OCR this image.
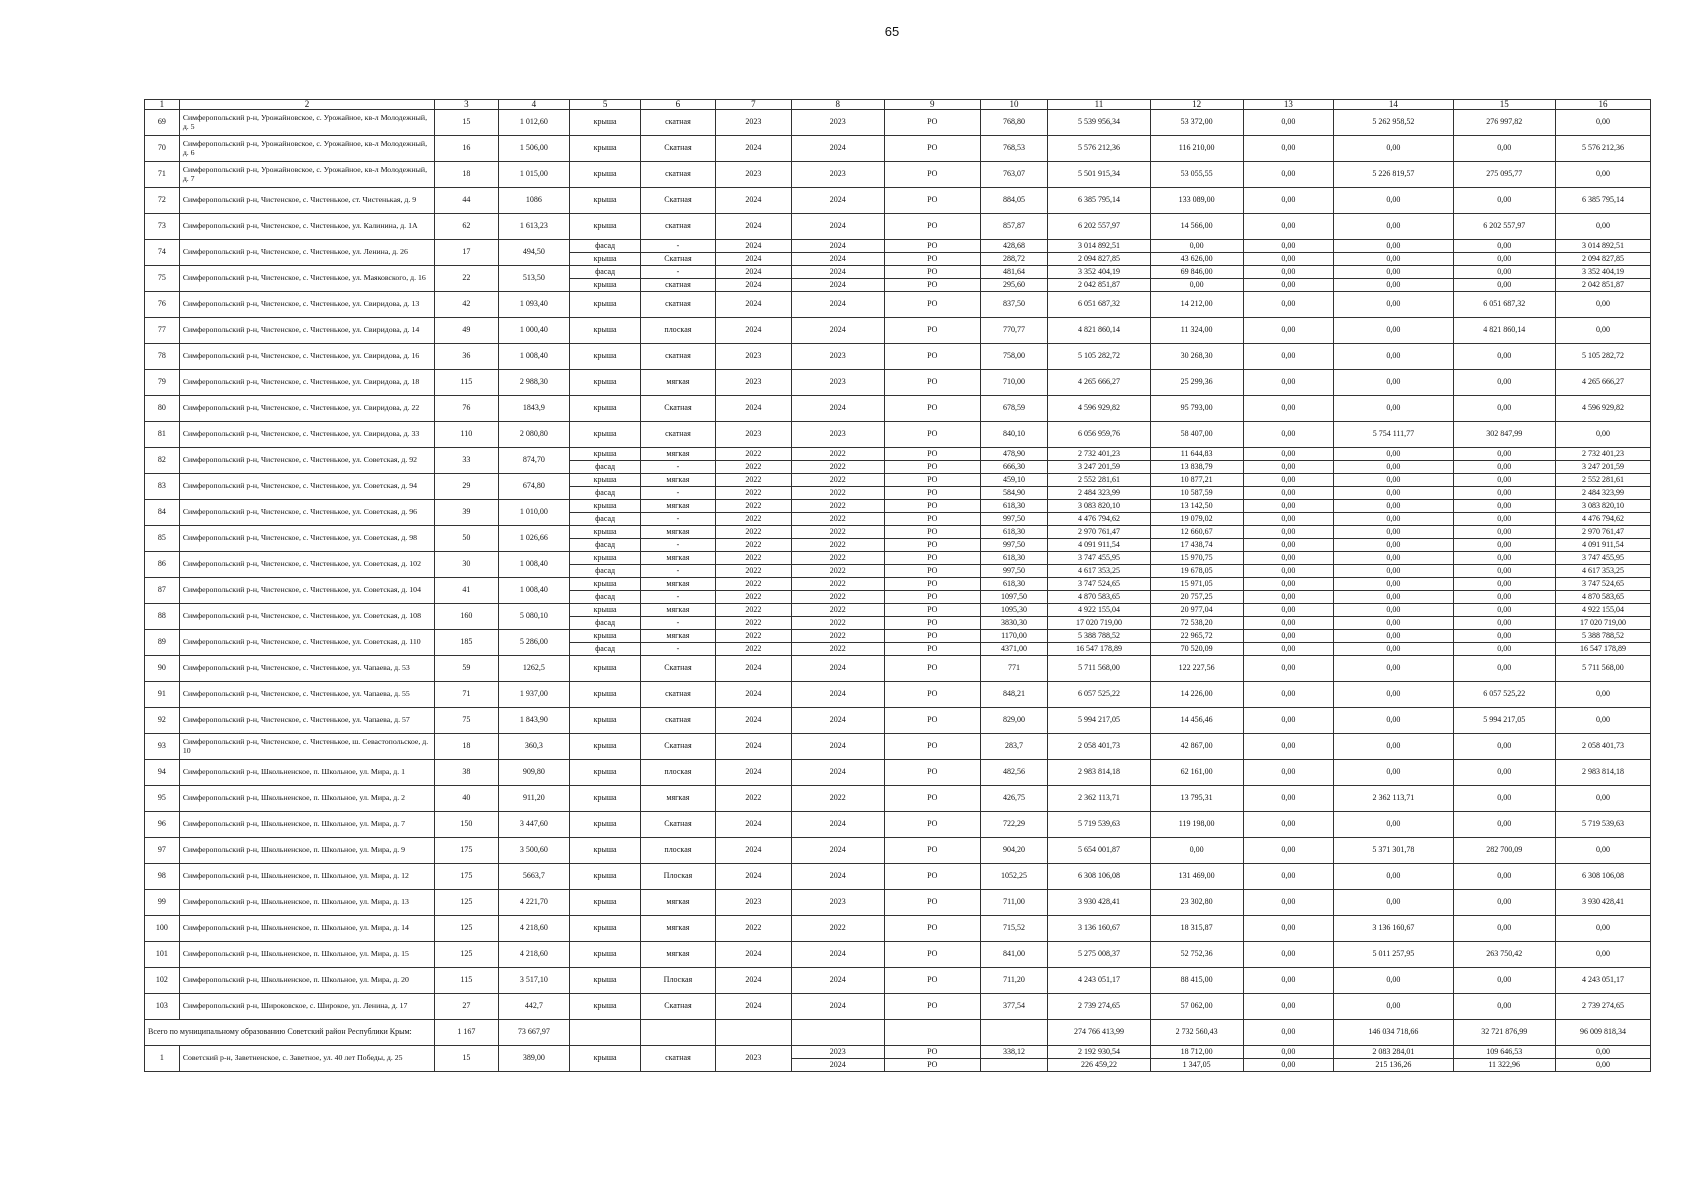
65
1	2	3	4	5	6	7	8	9	10	11	12	13	14	15	16
69	Симферопольский р-н, Урожайновское, с. Урожайное, кв-л Молодежный, д. 5	15	1 012,60	крыша	скатная	2023	2023	РО	768,80	5 539 956,34	53 372,00	0,00	5 262 958,52	276 997,82	0,00
70	Симферопольский р-н, Урожайновское, с. Урожайное, кв-л Молодежный, д. 6	16	1 506,00	крыша	Скатная	2024	2024	РО	768,53	5 576 212,36	116 210,00	0,00	0,00	0,00	5 576 212,36
71	Симферопольский р-н, Урожайновское, с. Урожайное, кв-л Молодежный, д. 7	18	1 015,00	крыша	скатная	2023	2023	РО	763,07	5 501 915,34	53 055,55	0,00	5 226 819,57	275 095,77	0,00
72	Симферопольский р-н, Чистенское, с. Чистенькое, ст. Чистенькая, д. 9	44	1086	крыша	Скатная	2024	2024	РО	884,05	6 385 795,14	133 089,00	0,00	0,00	0,00	6 385 795,14
73	Симферопольский р-н, Чистенское, с. Чистенькое, ул. Калинина, д. 1А	62	1 613,23	крыша	скатная	2024	2024	РО	857,87	6 202 557,97	14 566,00	0,00	0,00	6 202 557,97	0,00
74	Симферопольский р-н, Чистенское, с. Чистенькое, ул. Ленина, д. 26	17	494,50	фасад	-	2024	2024	РО	428,68	3 014 892,51	0,00	0,00	0,00	0,00	3 014 892,51
				крыша	Скатная	2024	2024	РО	288,72	2 094 827,85	43 626,00	0,00	0,00	0,00	2 094 827,85
75	Симферопольский р-н, Чистенское, с. Чистенькое, ул. Маяковского, д. 16	22	513,50	фасад	-	2024	2024	РО	481,64	3 352 404,19	69 846,00	0,00	0,00	0,00	3 352 404,19
				крыша	скатная	2024	2024	РО	295,60	2 042 851,87	0,00	0,00	0,00	0,00	2 042 851,87
76	Симферопольский р-н, Чистенское, с. Чистенькое, ул. Свиридова, д. 13	42	1 093,40	крыша	скатная	2024	2024	РО	837,50	6 051 687,32	14 212,00	0,00	0,00	6 051 687,32	0,00
77	Симферопольский р-н, Чистенское, с. Чистенькое, ул. Свиридова, д. 14	49	1 000,40	крыша	плоская	2024	2024	РО	770,77	4 821 860,14	11 324,00	0,00	0,00	4 821 860,14	0,00
78	Симферопольский р-н, Чистенское, с. Чистенькое, ул. Свиридова, д. 16	36	1 008,40	крыша	скатная	2023	2023	РО	758,00	5 105 282,72	30 268,30	0,00	0,00	0,00	5 105 282,72
79	Симферопольский р-н, Чистенское, с. Чистенькое, ул. Свиридова, д. 18	115	2 988,30	крыша	мягкая	2023	2023	РО	710,00	4 265 666,27	25 299,36	0,00	0,00	0,00	4 265 666,27
80	Симферопольский р-н, Чистенское, с. Чистенькое, ул. Свиридова, д. 22	76	1843,9	крыша	Скатная	2024	2024	РО	678,59	4 596 929,82	95 793,00	0,00	0,00	0,00	4 596 929,82
81	Симферопольский р-н, Чистенское, с. Чистенькое, ул. Свиридова, д. 33	110	2 080,80	крыша	скатная	2023	2023	РО	840,10	6 056 959,76	58 407,00	0,00	5 754 111,77	302 847,99	0,00
82	Симферопольский р-н, Чистенское, с. Чистенькое, ул. Советская, д. 92	33	874,70	крыша	мягкая	2022	2022	РО	478,90	2 732 401,23	11 644,83	0,00	0,00	0,00	2 732 401,23
				фасад	-	2022	2022	РО	666,30	3 247 201,59	13 838,79	0,00	0,00	0,00	3 247 201,59
83	Симферопольский р-н, Чистенское, с. Чистенькое, ул. Советская, д. 94	29	674,80	крыша	мягкая	2022	2022	РО	459,10	2 552 281,61	10 877,21	0,00	0,00	0,00	2 552 281,61
				фасад	-	2022	2022	РО	584,90	2 484 323,99	10 587,59	0,00	0,00	0,00	2 484 323,99
84	Симферопольский р-н, Чистенское, с. Чистенькое, ул. Советская, д. 96	39	1 010,00	крыша	мягкая	2022	2022	РО	618,30	3 083 820,10	13 142,50	0,00	0,00	0,00	3 083 820,10
				фасад	-	2022	2022	РО	997,50	4 476 794,62	19 079,02	0,00	0,00	0,00	4 476 794,62
85	Симферопольский р-н, Чистенское, с. Чистенькое, ул. Советская, д. 98	50	1 026,66	крыша	мягкая	2022	2022	РО	618,30	2 970 761,47	12 660,67	0,00	0,00	0,00	2 970 761,47
				фасад	-	2022	2022	РО	997,50	4 091 911,54	17 438,74	0,00	0,00	0,00	4 091 911,54
86	Симферопольский р-н, Чистенское, с. Чистенькое, ул. Советская, д. 102	30	1 008,40	крыша	мягкая	2022	2022	РО	618,30	3 747 455,95	15 970,75	0,00	0,00	0,00	3 747 455,95
				фасад	-	2022	2022	РО	997,50	4 617 353,25	19 678,05	0,00	0,00	0,00	4 617 353,25
87	Симферопольский р-н, Чистенское, с. Чистенькое, ул. Советская, д. 104	41	1 008,40	крыша	мягкая	2022	2022	РО	618,30	3 747 524,65	15 971,05	0,00	0,00	0,00	3 747 524,65
				фасад	-	2022	2022	РО	1097,50	4 870 583,65	20 757,25	0,00	0,00	0,00	4 870 583,65
88	Симферопольский р-н, Чистенское, с. Чистенькое, ул. Советская, д. 108	160	5 080,10	крыша	мягкая	2022	2022	РО	1095,30	4 922 155,04	20 977,04	0,00	0,00	0,00	4 922 155,04
				фасад	-	2022	2022	РО	3830,30	17 020 719,00	72 538,20	0,00	0,00	0,00	17 020 719,00
89	Симферопольский р-н, Чистенское, с. Чистенькое, ул. Советская, д. 110	185	5 286,00	крыша	мягкая	2022	2022	РО	1170,00	5 388 788,52	22 965,72	0,00	0,00	0,00	5 388 788,52
				фасад	-	2022	2022	РО	4371,00	16 547 178,89	70 520,09	0,00	0,00	0,00	16 547 178,89
90	Симферопольский р-н, Чистенское, с. Чистенькое, ул. Чапаева, д. 53	59	1262,5	крыша	Скатная	2024	2024	РО	771	5 711 568,00	122 227,56	0,00	0,00	0,00	5 711 568,00
91	Симферопольский р-н, Чистенское, с. Чистенькое, ул. Чапаева, д. 55	71	1 937,00	крыша	скатная	2024	2024	РО	848,21	6 057 525,22	14 226,00	0,00	0,00	6 057 525,22	0,00
92	Симферопольский р-н, Чистенское, с. Чистенькое, ул. Чапаева, д. 57	75	1 843,90	крыша	скатная	2024	2024	РО	829,00	5 994 217,05	14 456,46	0,00	0,00	5 994 217,05	0,00
93	Симферопольский р-н, Чистенское, с. Чистенькое, ш. Севастопольское, д. 10	18	360,3	крыша	Скатная	2024	2024	РО	283,7	2 058 401,73	42 867,00	0,00	0,00	0,00	2 058 401,73
94	Симферопольский р-н, Школьненское, п. Школьное, ул. Мира, д. 1	38	909,80	крыша	плоская	2024	2024	РО	482,56	2 983 814,18	62 161,00	0,00	0,00	0,00	2 983 814,18
95	Симферопольский р-н, Школьненское, п. Школьное, ул. Мира, д. 2	40	911,20	крыша	мягкая	2022	2022	РО	426,75	2 362 113,71	13 795,31	0,00	2 362 113,71	0,00	0,00
96	Симферопольский р-н, Школьненское, п. Школьное, ул. Мира, д. 7	150	3 447,60	крыша	Скатная	2024	2024	РО	722,29	5 719 539,63	119 198,00	0,00	0,00	0,00	5 719 539,63
97	Симферопольский р-н, Школьненское, п. Школьное, ул. Мира, д. 9	175	3 500,60	крыша	плоская	2024	2024	РО	904,20	5 654 001,87	0,00	0,00	5 371 301,78	282 700,09	0,00
98	Симферопольский р-н, Школьненское, п. Школьное, ул. Мира, д. 12	175	5663,7	крыша	Плоская	2024	2024	РО	1052,25	6 308 106,08	131 469,00	0,00	0,00	0,00	6 308 106,08
99	Симферопольский р-н, Школьненское, п. Школьное, ул. Мира, д. 13	125	4 221,70	крыша	мягкая	2023	2023	РО	711,00	3 930 428,41	23 302,80	0,00	0,00	0,00	3 930 428,41
100	Симферопольский р-н, Школьненское, п. Школьное, ул. Мира, д. 14	125	4 218,60	крыша	мягкая	2022	2022	РО	715,52	3 136 160,67	18 315,87	0,00	3 136 160,67	0,00	0,00
101	Симферопольский р-н, Школьненское, п. Школьное, ул. Мира, д. 15	125	4 218,60	крыша	мягкая	2024	2024	РО	841,00	5 275 008,37	52 752,36	0,00	5 011 257,95	263 750,42	0,00
102	Симферопольский р-н, Школьненское, п. Школьное, ул. Мира, д. 20	115	3 517,10	крыша	Плоская	2024	2024	РО	711,20	4 243 051,17	88 415,00	0,00	0,00	0,00	4 243 051,17
103	Симферопольский р-н, Широковское, с. Широкое, ул. Ленина, д. 17	27	442,7	крыша	Скатная	2024	2024	РО	377,54	2 739 274,65	57 062,00	0,00	0,00	0,00	2 739 274,65
Всего по муниципальному образованию Советский район Республики Крым:		1 167	73 667,97							274 766 413,99	2 732 560,43	0,00	146 034 718,66	32 721 876,99	96 009 818,34
1	Советский р-н, Заветненское, с. Заветное, ул. 40 лет Победы, д. 25	15	389,00	крыша	скатная	2023	2023	РО	338,12	2 192 930,54	18 712,00	0,00	2 083 284,01	109 646,53	0,00
							2024	РО		226 459,22	1 347,05	0,00	215 136,26	11 322,96	0,00
